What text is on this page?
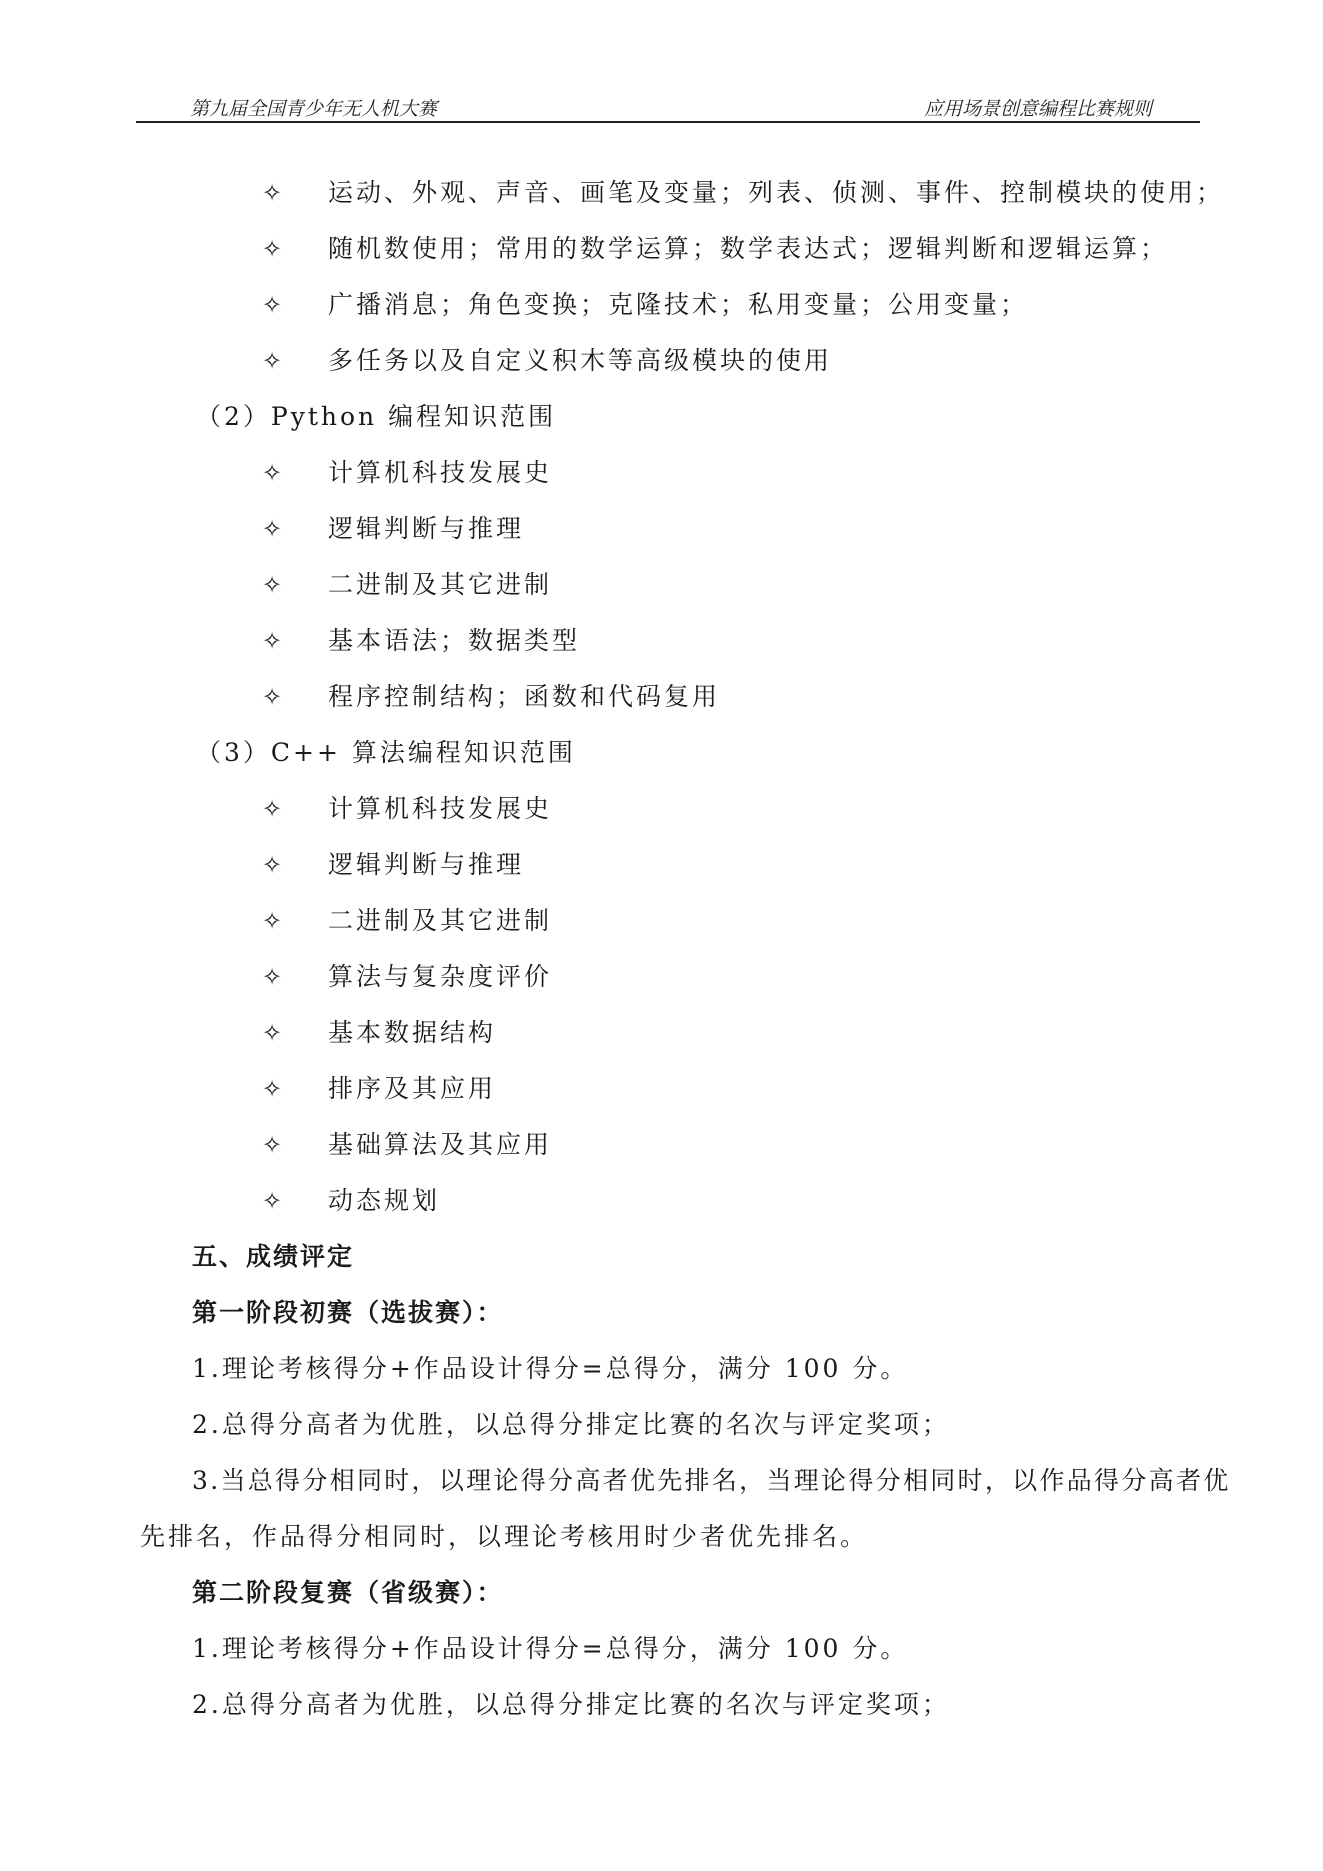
第九届全国青少年无人机大赛	应用场景创意编程比赛规则
✧ 运动、外观、声音、画笔及变量；列表、侦测、事件、控制模块的使用；
✧ 随机数使用；常用的数学运算；数学表达式；逻辑判断和逻辑运算；
✧ 广播消息；角色变换；克隆技术；私用变量；公用变量；
✧ 多任务以及自定义积木等高级模块的使用
（2）Python 编程知识范围
✧ 计算机科技发展史
✧ 逻辑判断与推理
✧ 二进制及其它进制
✧ 基本语法；数据类型
✧ 程序控制结构；函数和代码复用
（3）C++ 算法编程知识范围
✧ 计算机科技发展史
✧ 逻辑判断与推理
✧ 二进制及其它进制
✧ 算法与复杂度评价
✧ 基本数据结构
✧ 排序及其应用
✧ 基础算法及其应用
✧ 动态规划
五、成绩评定
第一阶段初赛（选拔赛）：
1.理论考核得分+作品设计得分=总得分，满分 100 分。
2.总得分高者为优胜，以总得分排定比赛的名次与评定奖项；
3.当总得分相同时，以理论得分高者优先排名，当理论得分相同时，以作品得分高者优
先排名，作品得分相同时，以理论考核用时少者优先排名。
第二阶段复赛（省级赛）：
1.理论考核得分+作品设计得分=总得分，满分 100 分。
2.总得分高者为优胜，以总得分排定比赛的名次与评定奖项；
